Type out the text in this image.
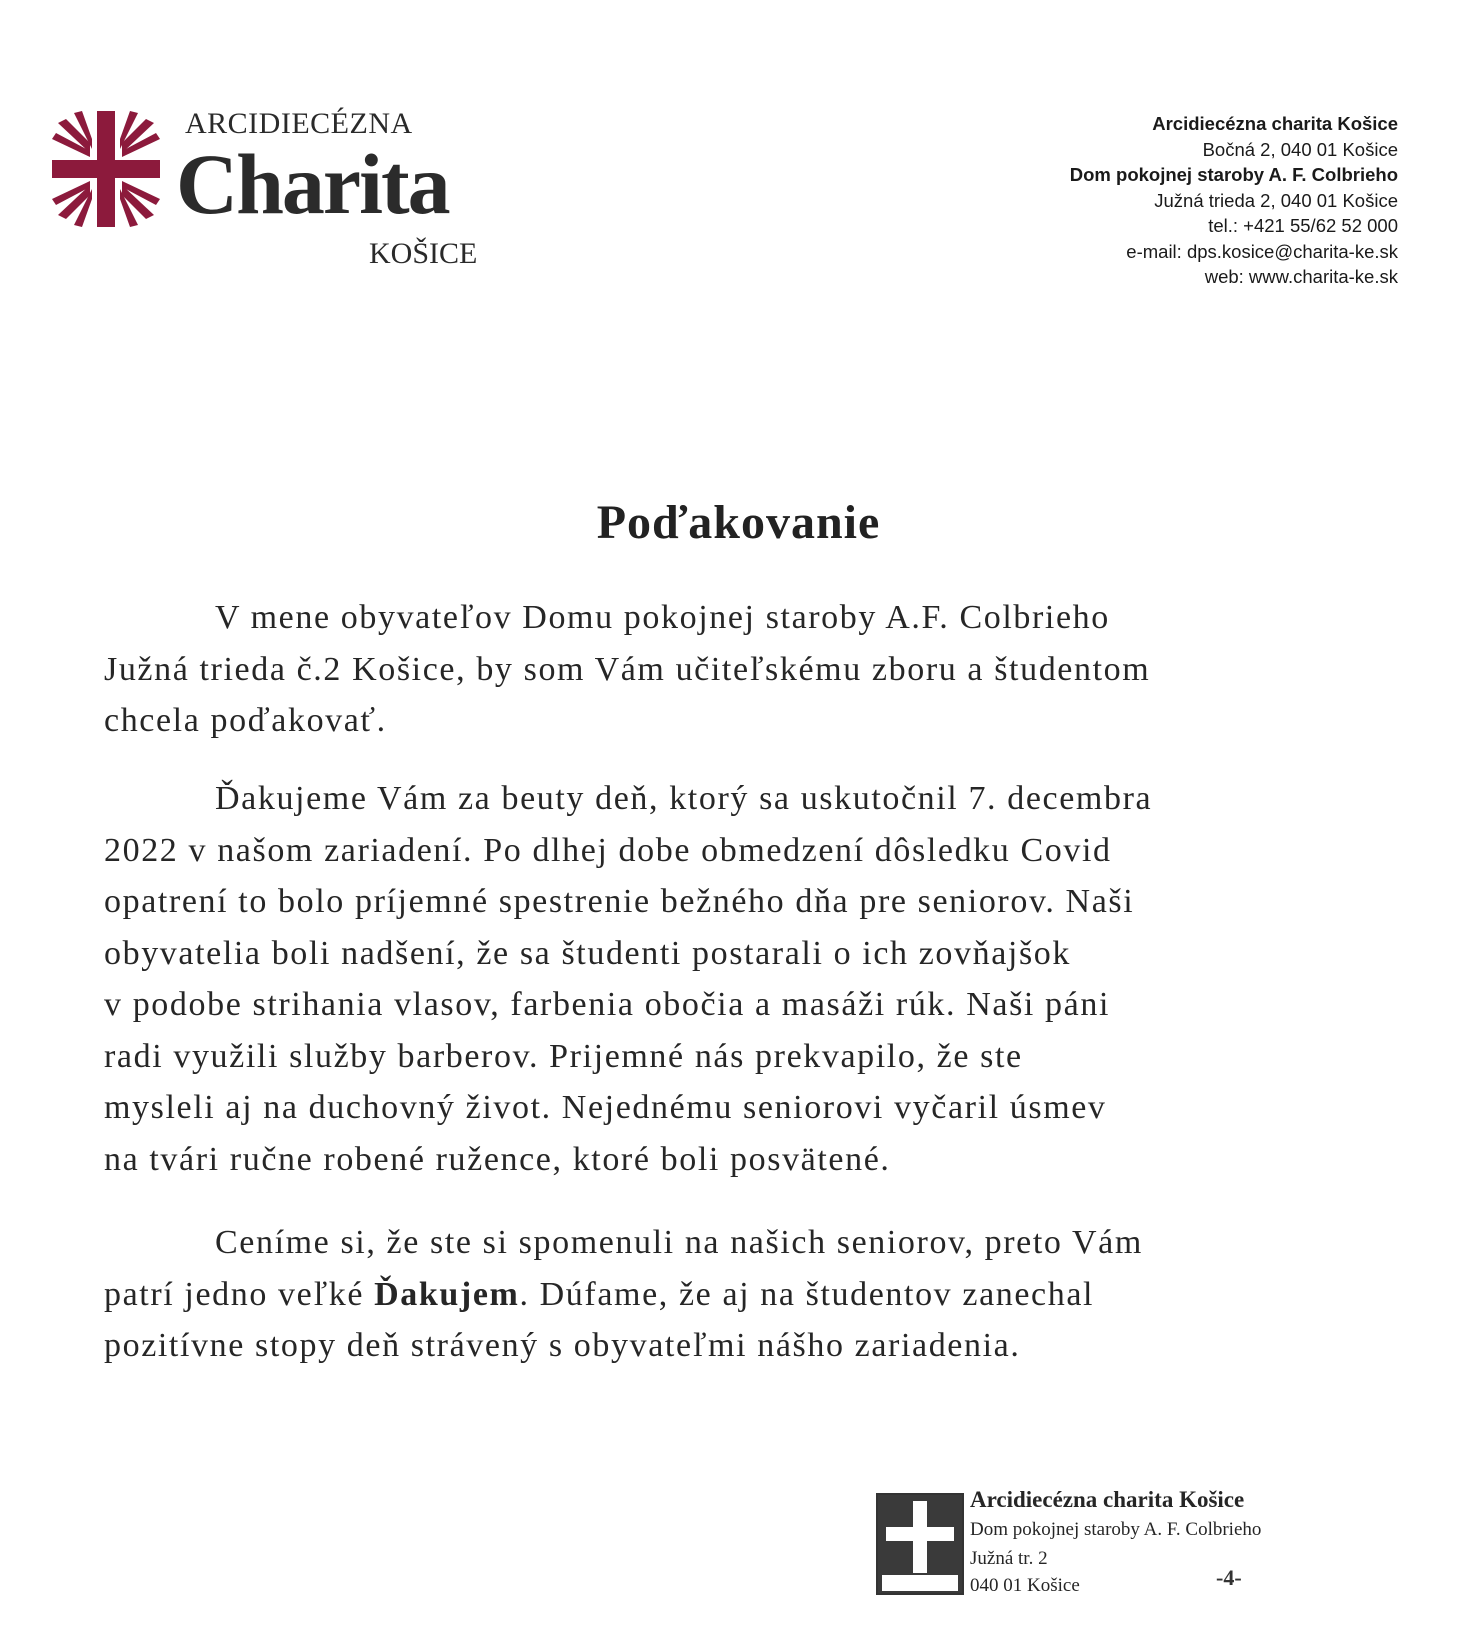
ARCIDIECÉZNA
Charita
KOŠICE
Arcidiecézna charita Košice
Bočná 2, 040 01 Košice
Dom pokojnej staroby A. F. Colbrieho
Južná trieda 2, 040 01 Košice
tel.: +421 55/62 52 000
e-mail: dps.kosice@charita-ke.sk
web: www.charita-ke.sk
Poďakovanie
V mene obyvateľov Domu pokojnej staroby A.F. Colbrieho
Južná trieda č.2 Košice, by som Vám učiteľskému zboru a študentom
chcela poďakovať.
Ďakujeme Vám za beuty deň, ktorý sa uskutočnil 7. decembra
2022 v našom zariadení. Po dlhej dobe obmedzení dôsledku Covid
opatrení to bolo príjemné spestrenie bežného dňa pre seniorov. Naši
obyvatelia boli nadšení, že sa študenti postarali o ich zovňajšok
v podobe strihania vlasov, farbenia obočia a masáži rúk. Naši páni
radi využili služby barberov. Prijemné nás prekvapilo, že ste
mysleli aj na duchovný život. Nejednému seniorovi vyčaril úsmev
na tvári ručne robené ružence, ktoré boli posvätené.
Ceníme si, že ste si spomenuli na našich seniorov, preto Vám
patrí jedno veľké Ďakujem. Dúfame, že aj na študentov zanechal
pozitívne stopy deň strávený s obyvateľmi nášho zariadenia.
Arcidiecézna charita Košice
Dom pokojnej staroby A. F. Colbrieho
Južná tr. 2
040 01 Košice	-4-
